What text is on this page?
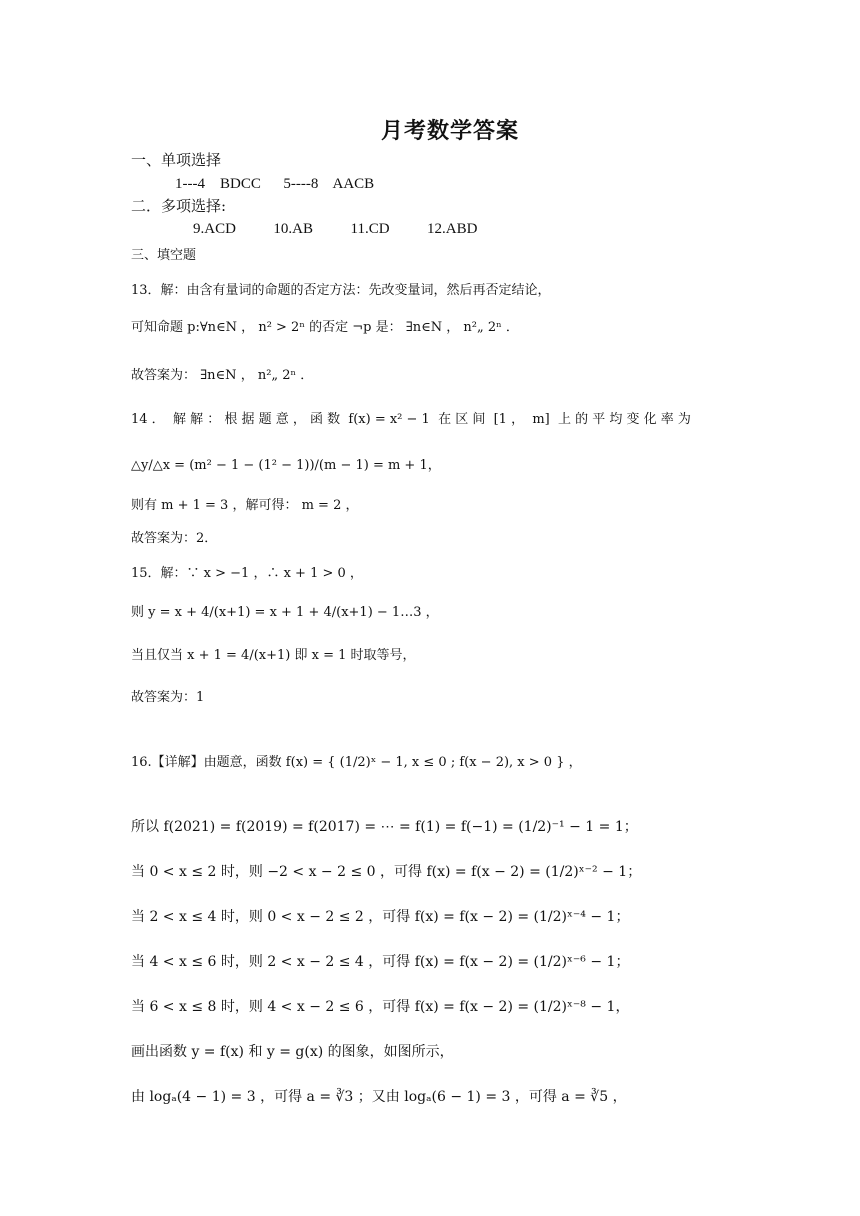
月考数学答案
一、单项选择
1---4    BDCC      5----8    AACB
二．多项选择:
9.ACD          10.AB          11.CD          12.ABD
三、填空题
13．解：由含有量词的命题的否定方法：先改变量词，然后再否定结论，
可知命题 p:∀n∈N ， n² > 2ⁿ 的否定 ¬p 是： ∃n∈N ， n²„ 2ⁿ ．
故答案为： ∃n∈N ， n²„ 2ⁿ ．
14 ．  解 解 ： 根 据 题 意 ， 函 数  f(x) = x² − 1  在 区 间  [1 ，  m]  上 的 平 均 变 化 率 为
△y/△x = (m² − 1 − (1² − 1))/(m − 1) = m + 1，
则有 m + 1 = 3 ，解可得： m = 2 ，
故答案为：2．
15．解：∵ x > −1 ，∴ x + 1 > 0 ，
则 y = x + 4/(x+1) = x + 1 + 4/(x+1) − 1…3 ，
当且仅当 x + 1 = 4/(x+1) 即 x = 1 时取等号，
故答案为：1
16.【详解】由题意，函数 f(x) = { (1/2)ˣ − 1, x ≤ 0 ; f(x − 2), x > 0 } ，
所以 f(2021) = f(2019) = f(2017) = ⋯ = f(1) = f(−1) = (1/2)⁻¹ − 1 = 1；
当 0 < x ≤ 2 时，则 −2 < x − 2 ≤ 0 ，可得 f(x) = f(x − 2) = (1/2)ˣ⁻² − 1；
当 2 < x ≤ 4 时，则 0 < x − 2 ≤ 2 ，可得 f(x) = f(x − 2) = (1/2)ˣ⁻⁴ − 1；
当 4 < x ≤ 6 时，则 2 < x − 2 ≤ 4 ，可得 f(x) = f(x − 2) = (1/2)ˣ⁻⁶ − 1；
当 6 < x ≤ 8 时，则 4 < x − 2 ≤ 6 ，可得 f(x) = f(x − 2) = (1/2)ˣ⁻⁸ − 1，
画出函数 y = f(x) 和 y = g(x) 的图象，如图所示，
由 logₐ(4 − 1) = 3 ，可得 a = ∛3 ；又由 logₐ(6 − 1) = 3 ，可得 a = ∛5 ，
